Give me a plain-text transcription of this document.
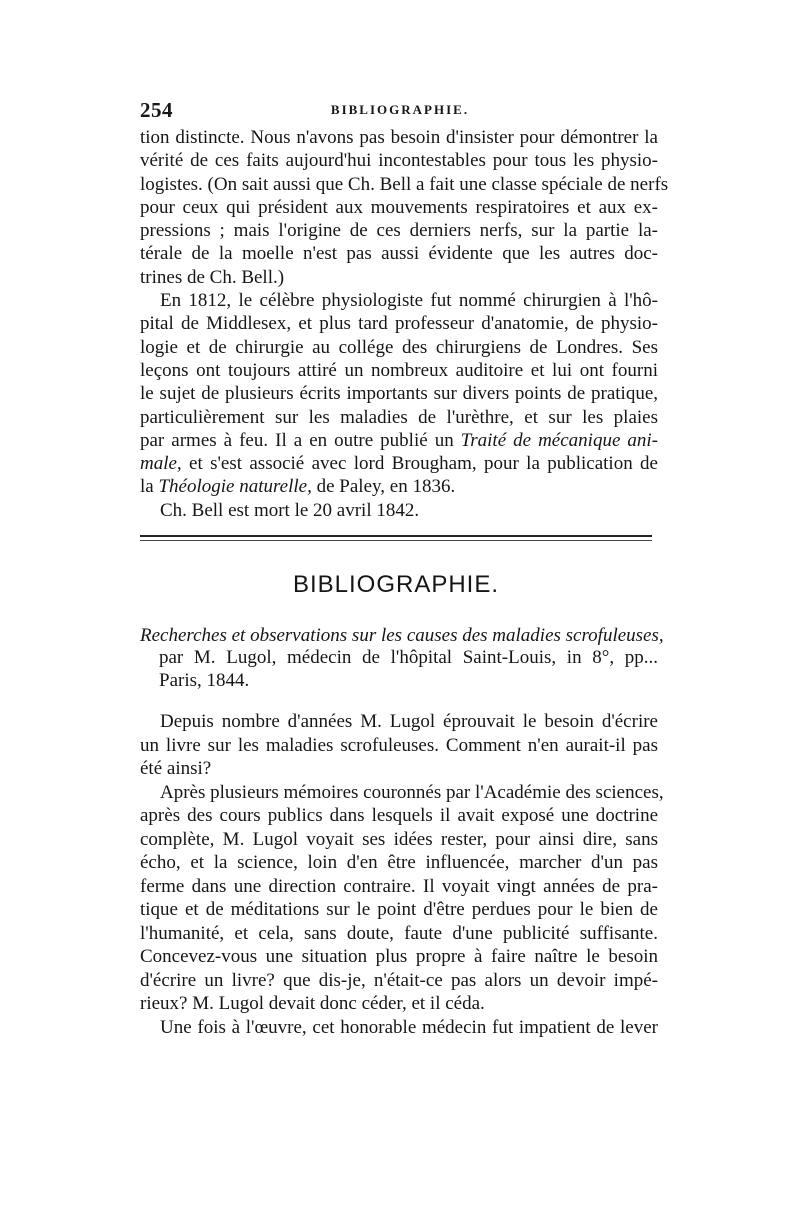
254	BIBLIOGRAPHIE.
tion distincte. Nous n'avons pas besoin d'insister pour démontrer la
vérité de ces faits aujourd'hui incontestables pour tous les physio-
logistes. (On sait aussi que Ch. Bell a fait une classe spéciale de nerfs
pour ceux qui président aux mouvements respiratoires et aux ex-
pressions ; mais l'origine de ces derniers nerfs, sur la partie la-
térale de la moelle n'est pas aussi évidente que les autres doc-
trines de Ch. Bell.)
En 1812, le célèbre physiologiste fut nommé chirurgien à l'hô-
pital de Middlesex, et plus tard professeur d'anatomie, de physio-
logie et de chirurgie au collége des chirurgiens de Londres. Ses
leçons ont toujours attiré un nombreux auditoire et lui ont fourni
le sujet de plusieurs écrits importants sur divers points de pratique,
particulièrement sur les maladies de l'urèthre, et sur les plaies
par armes à feu. Il a en outre publié un Traité de mécanique ani-
male, et s'est associé avec lord Brougham, pour la publication de
la Théologie naturelle, de Paley, en 1836.
Ch. Bell est mort le 20 avril 1842.
BIBLIOGRAPHIE.
Recherches et observations sur les causes des maladies scrofuleuses,
par M. Lugol, médecin de l'hôpital Saint-Louis, in 8°, pp...
Paris, 1844.
Depuis nombre d'années M. Lugol éprouvait le besoin d'écrire
un livre sur les maladies scrofuleuses. Comment n'en aurait-il pas
été ainsi?
Après plusieurs mémoires couronnés par l'Académie des sciences,
après des cours publics dans lesquels il avait exposé une doctrine
complète, M. Lugol voyait ses idées rester, pour ainsi dire, sans
écho, et la science, loin d'en être influencée, marcher d'un pas
ferme dans une direction contraire. Il voyait vingt années de pra-
tique et de méditations sur le point d'être perdues pour le bien de
l'humanité, et cela, sans doute, faute d'une publicité suffisante.
Concevez-vous une situation plus propre à faire naître le besoin
d'écrire un livre? que dis-je, n'était-ce pas alors un devoir impé-
rieux? M. Lugol devait donc céder, et il céda.
Une fois à l'œuvre, cet honorable médecin fut impatient de lever
